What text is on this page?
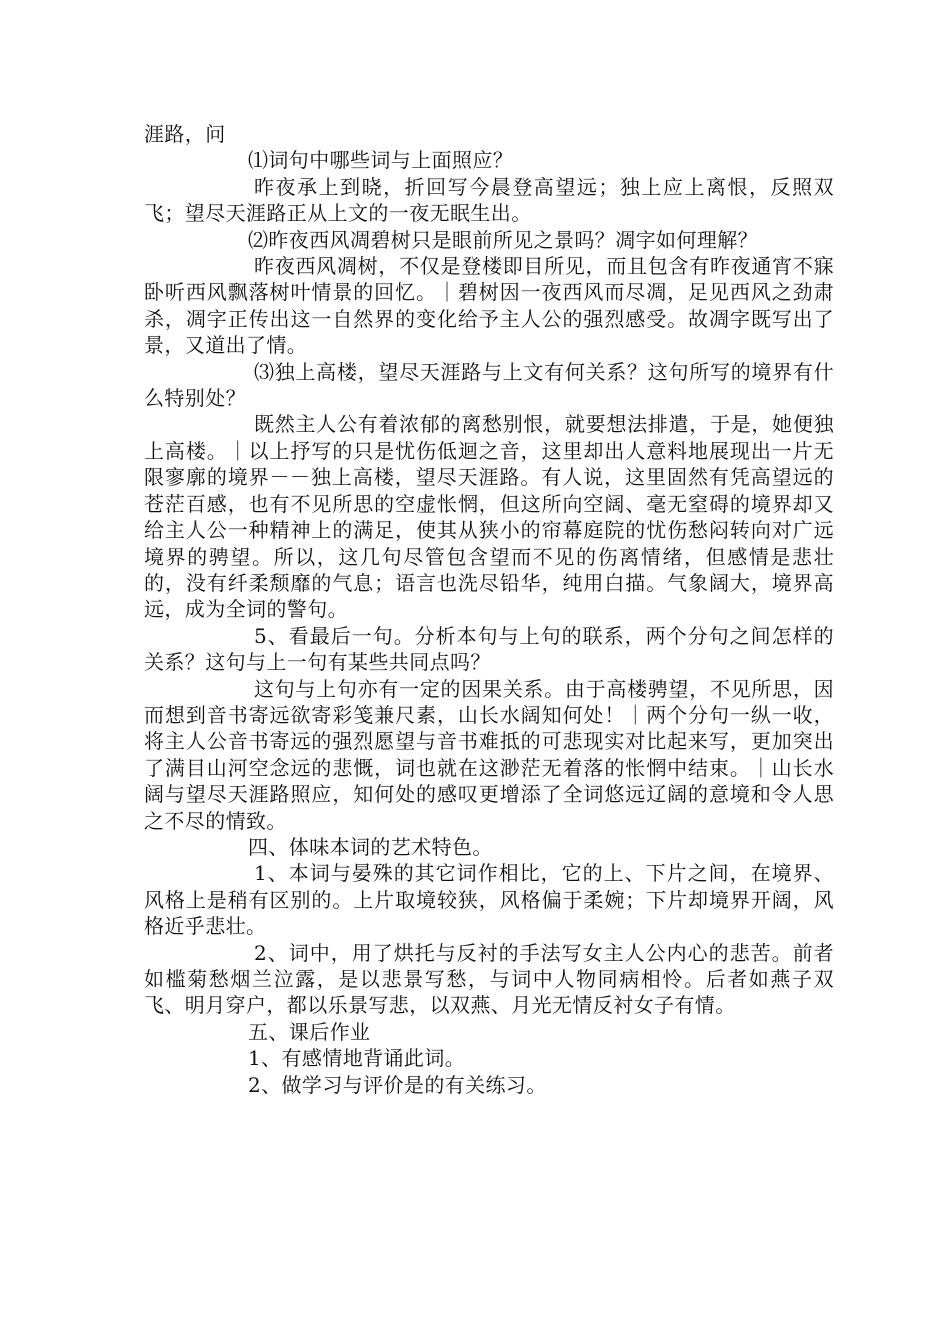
涯路，问

⑴词句中哪些词与上面照应？

昨夜承上到晓，折回写今晨登高望远；独上应上离恨，反照双飞；望尽天涯路正从上文的一夜无眠生出。

⑵昨夜西风凋碧树只是眼前所见之景吗？凋字如何理解？

昨夜西风凋树，不仅是登楼即目所见，而且包含有昨夜通宵不寐卧听西风飘落树叶情景的回忆。｜碧树因一夜西风而尽凋，足见西风之劲肃杀，凋字正传出这一自然界的变化给予主人公的强烈感受。故凋字既写出了景，又道出了情。

⑶独上高楼，望尽天涯路与上文有何关系？这句所写的境界有什么特别处？

既然主人公有着浓郁的离愁别恨，就要想法排遣，于是，她便独上高楼。｜以上抒写的只是忧伤低迴之音，这里却出人意料地展现出一片无限寥廓的境界－－独上高楼，望尽天涯路。有人说，这里固然有凭高望远的苍茫百感，也有不见所思的空虚怅惘，但这所向空阔、毫无窒碍的境界却又给主人公一种精神上的满足，使其从狭小的帘幕庭院的忧伤愁闷转向对广远境界的骋望。所以，这几句尽管包含望而不见的伤离情绪，但感情是悲壮的，没有纤柔颓靡的气息；语言也洗尽铅华，纯用白描。气象阔大，境界高远，成为全词的警句。

5、看最后一句。分析本句与上句的联系，两个分句之间怎样的关系？这句与上一句有某些共同点吗？

这句与上句亦有一定的因果关系。由于高楼骋望，不见所思，因而想到音书寄远欲寄彩笺兼尺素，山长水阔知何处！｜两个分句一纵一收，将主人公音书寄远的强烈愿望与音书难抵的可悲现实对比起来写，更加突出了满目山河空念远的悲慨，词也就在这渺茫无着落的怅惘中结束。｜山长水阔与望尽天涯路照应，知何处的感叹更增添了全词悠远辽阔的意境和令人思之不尽的情致。

四、体味本词的艺术特色。

1、本词与晏殊的其它词作相比，它的上、下片之间，在境界、风格上是稍有区别的。上片取境较狭，风格偏于柔婉；下片却境界开阔，风格近乎悲壮。

2、词中，用了烘托与反衬的手法写女主人公内心的悲苦。前者如槛菊愁烟兰泣露，是以悲景写愁，与词中人物同病相怜。后者如燕子双飞、明月穿户，都以乐景写悲，以双燕、月光无情反衬女子有情。

五、课后作业

1、有感情地背诵此词。

2、做学习与评价是的有关练习。
